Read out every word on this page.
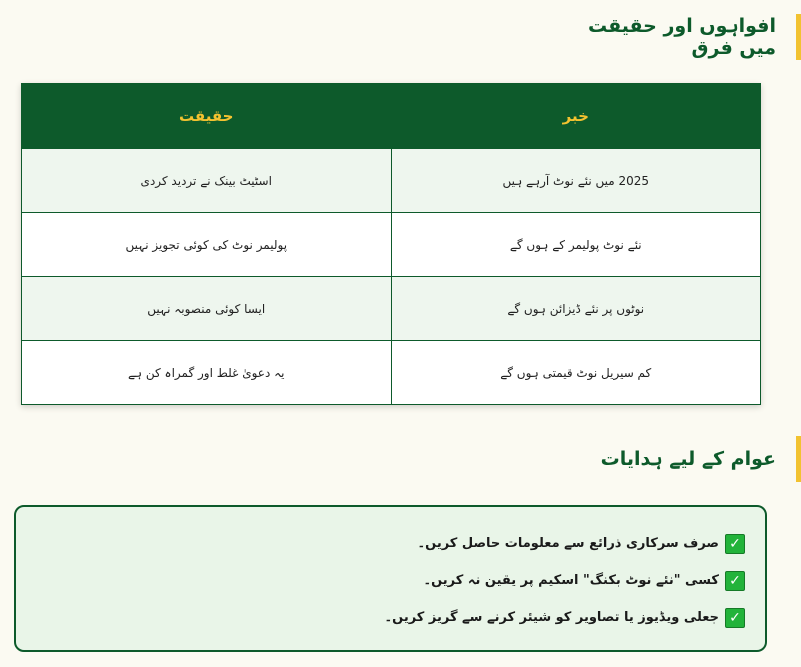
افواہوں اور حقیقت میں فرق
خبر	حقیقت
2025 میں نئے نوٹ آرہے ہیں	اسٹیٹ بینک نے تردید کردی
نئے نوٹ پولیمر کے ہوں گے	پولیمر نوٹ کی کوئی تجویز نہیں
نوٹوں پر نئے ڈیزائن ہوں گے	ایسا کوئی منصوبہ نہیں
کم سیریل نوٹ قیمتی ہوں گے	یہ دعویٰ غلط اور گمراہ کن ہے
عوام کے لیے ہدایات
✓
صرف سرکاری ذرائع سے معلومات حاصل کریں۔
✓
کسی "نئے نوٹ بکنگ" اسکیم پر یقین نہ کریں۔
✓
جعلی ویڈیوز یا تصاویر کو شیئر کرنے سے گریز کریں۔
